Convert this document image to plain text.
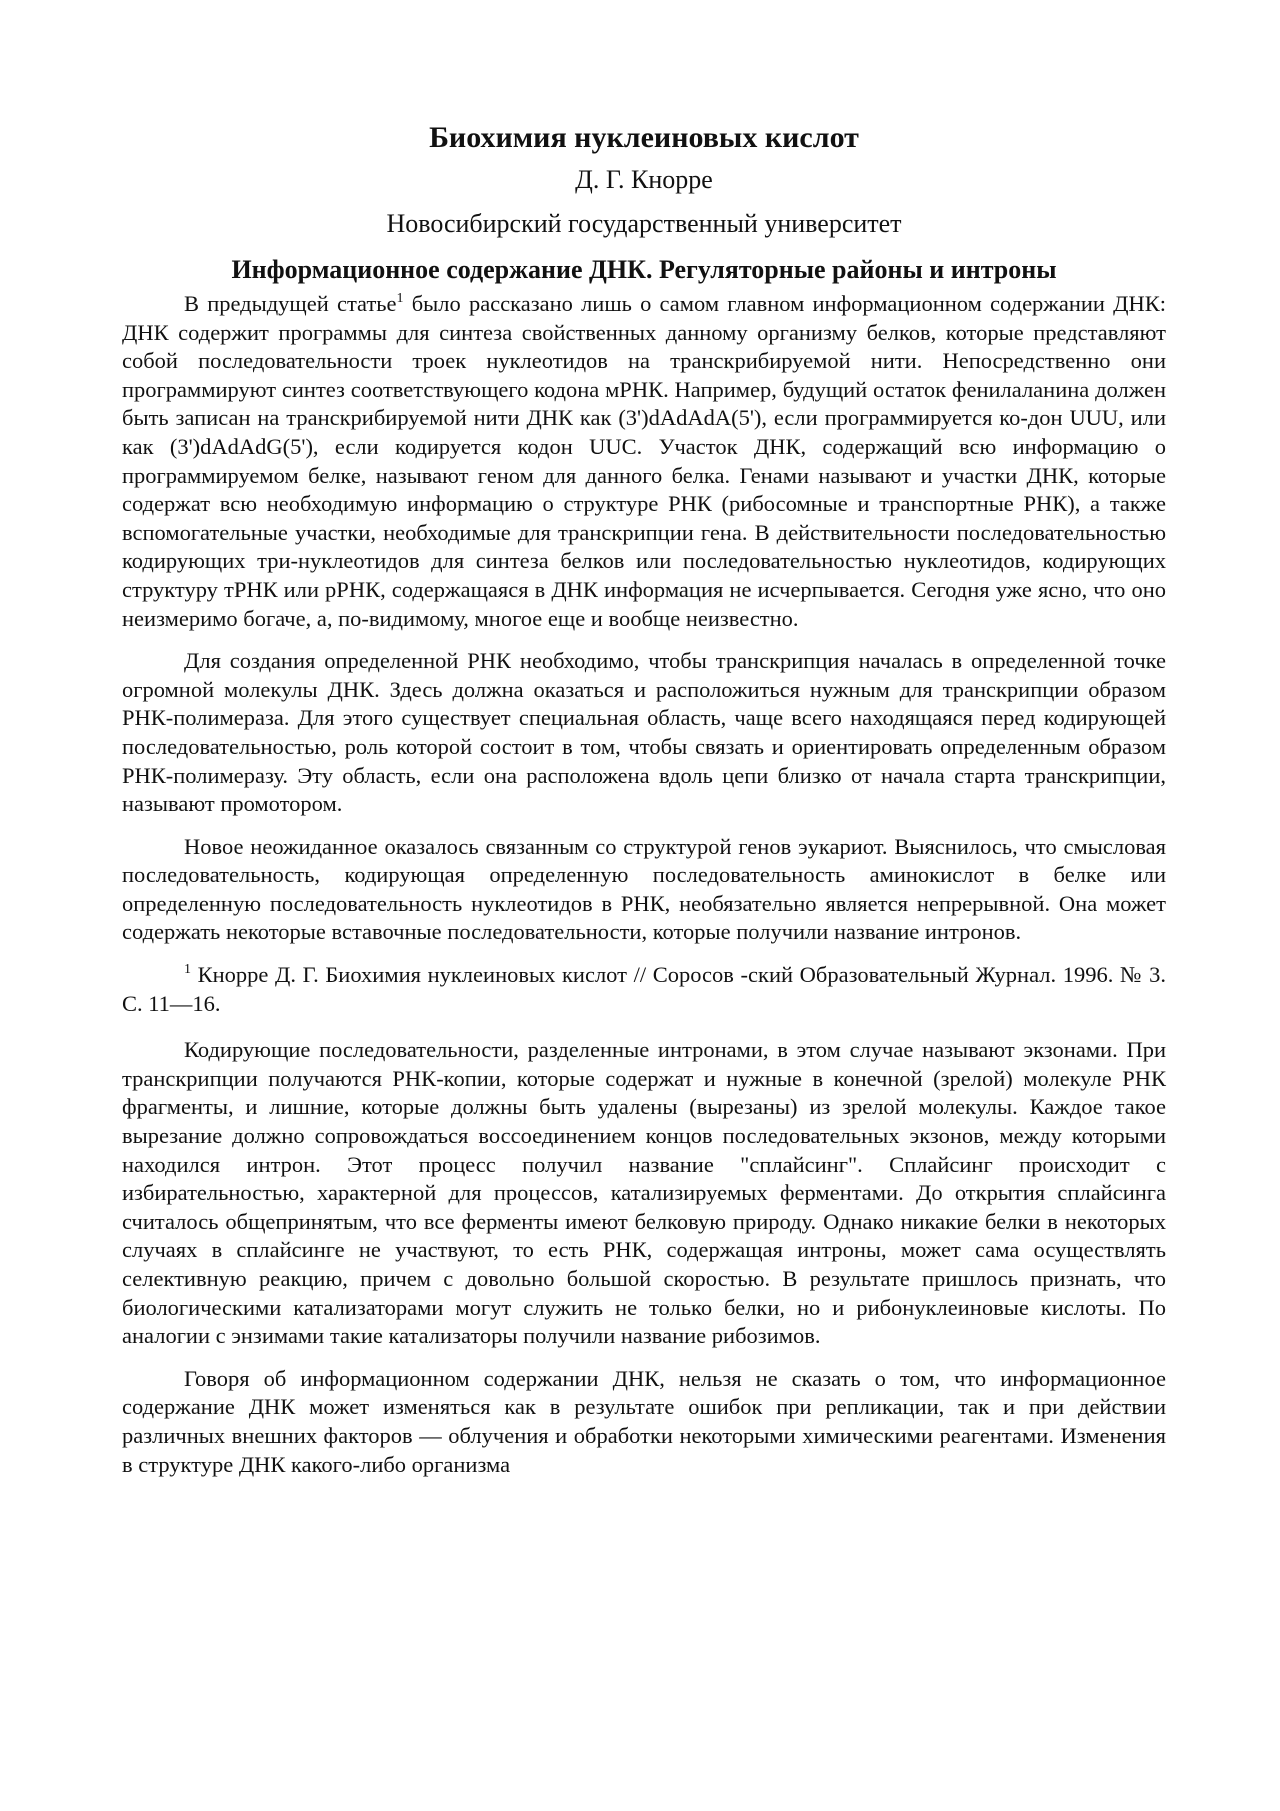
Биохимия нуклеиновых кислот
Д. Г. Кнорре
Новосибирский государственный университет
Информационное содержание ДНК. Регуляторные районы и интроны

В предыдущей статье$^1$ было рассказано лишь о самом главном информационном содержании ДНК: ДНК содержит программы для синтеза свойственных данному организму белков, которые представляют собой последовательности троек нуклеотидов на транскрибируемой нити. Непосредственно они программируют синтез соответствующего кодона мРНК. Например, будущий остаток фенилаланина должен быть записан на транскрибируемой нити ДНК как (3')dAdAdA(5'), если программируется ко-дон UUU, или как (3')dAdAdG(5'), если кодируется кодон UUC. Участок ДНК, содержащий всю информацию о программируемом белке, называют геном для данного белка. Генами называют и участки ДНК, которые содержат всю необходимую информацию о структуре РНК (рибосомные и транспортные РНК), а также вспомогательные участки, необходимые для транскрипции гена. В действительности последовательностью кодирующих три-нуклеотидов для синтеза белков или последовательностью нуклеотидов, кодирующих структуру тРНК или рРНК, содержащаяся в ДНК информация не исчерпывается. Сегодня уже ясно, что оно неизмеримо богаче, а, по-видимому, многое еще и вообще неизвестно.

Для создания определенной РНК необходимо, чтобы транскрипция началась в определенной точке огромной молекулы ДНК. Здесь должна оказаться и расположиться нужным для транскрипции образом РНК-полимераза. Для этого существует специальная область, чаще всего находящаяся перед кодирующей последовательностью, роль которой состоит в том, чтобы связать и ориентировать определенным образом РНК-полимеразу. Эту область, если она расположена вдоль цепи близко от начала старта транскрипции, называют промотором.

Новое неожиданное оказалось связанным со структурой генов эукариот. Выяснилось, что смысловая последовательность, кодирующая определенную последовательность аминокислот в белке или определенную последовательность нуклеотидов в РНК, необязательно является непрерывной. Она может содержать некоторые вставочные последовательности, которые получили название интронов.

$^1$ Кнорре Д. Г. Биохимия нуклеиновых кислот // Соросов -ский Образовательный Журнал. 1996. № 3. С. 11—16.

Кодирующие последовательности, разделенные интронами, в этом случае называют экзонами. При транскрипции получаются РНК-копии, которые содержат и нужные в конечной (зрелой) молекуле РНК фрагменты, и лишние, которые должны быть удалены (вырезаны) из зрелой молекулы. Каждое такое вырезание должно сопровождаться воссоединением концов последовательных экзонов, между которыми находился интрон. Этот процесс получил название "сплайсинг". Сплайсинг происходит с избирательностью, характерной для процессов, катализируемых ферментами. До открытия сплайсинга считалось общепринятым, что все ферменты имеют белковую природу. Однако никакие белки в некоторых случаях в сплайсинге не участвуют, то есть РНК, содержащая интроны, может сама осуществлять селективную реакцию, причем с довольно большой скоростью. В результате пришлось признать, что биологическими катализаторами могут служить не только белки, но и рибонуклеиновые кислоты. По аналогии с энзимами такие катализаторы получили название рибозимов.

Говоря об информационном содержании ДНК, нельзя не сказать о том, что информационное содержание ДНК может изменяться как в результате ошибок при репликации, так и при действии различных внешних факторов — облучения и обработки некоторыми химическими реагентами. Изменения в структуре ДНК какого-либо организма
